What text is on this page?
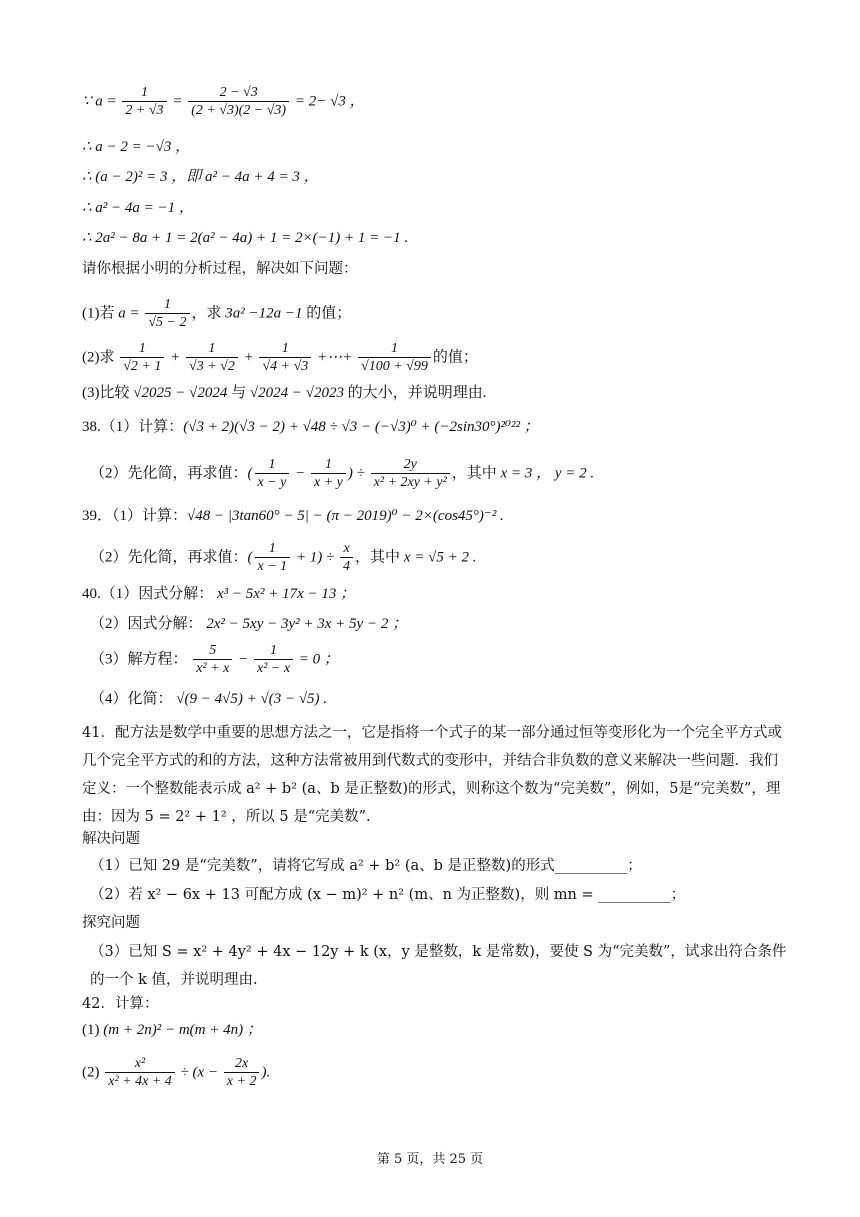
∵ $a = \frac{1}{2 + √3} = \frac{2 - √3}{(2 + √3)(2 - √3)} = 2- √3$ ，
∴ a − 2 = −√3 ，
∴ (a − 2)² = 3 ，即 a² − 4a + 4 = 3 ，
∴ a² − 4a = −1 ，
∴ 2a² − 8a + 1 = 2(a² − 4a) + 1 = 2×(−1) + 1 = −1 .
请你根据小明的分析过程，解决如下问题：
(1)若 $a = \frac{1}{√5 - 2}$ ，求 3a² −12a −1 的值；
(2)求 $\frac{1}{√2 + 1} + \frac{1}{√3 + √2} + \frac{1}{√4 + √3}$ +⋯+ $\frac{1}{√100 + √99}$ 的值；
(3)比较 √2025 − √2024 与 √2024 − √2023 的大小，并说明理由.
38.（1）计算：(√3 + 2)(√3 − 2) + √48 ÷ √3 − (−√3)⁰ + (−2sin30°)²⁰²² ；
（2）先化简，再求值：( $\frac{1}{x - y} - \frac{1}{x + y}$ ) ÷ $\frac{2y}{\text{x² + 2xy + y²}}$ ，其中 x = 3 ， y = 2 .
39．（1）计算：√48 − |3tan60° − 5| − (π − 2019)⁰ − 2×(cos45°)⁻² .
（2）先化简，再求值：( $\frac{1}{x - 1} + 1) \div \frac{x}{4}$ ，其中 x = √5 + 2 .
40.（1）因式分解： x³ − 5x² + 17x − 13 ；
（2）因式分解： 2x² − 5xy − 3y² + 3x + 5y − 2 ；
（3）解方程： $\frac{5}{\text{x² + x}} - \frac{1}{\text{x² − x}} = 0$ ；
（4）化简： √(9 − 4√5) + √(3 − √5) .
41．配方法是数学中重要的思想方法之一，它是指将一个式子的某一部分通过恒等变形化为一个完全平方式或几个完全平方式的和的方法，这种方法常被用到代数式的变形中，并结合非负数的意义来解决一些问题．我们定义：一个整数能表示成 a² + b² (a、b 是正整数)的形式，则称这个数为“完美数”，例如，5是“完美数”，理由：因为 5 = 2² + 1² ，所以 5 是“完美数”.
解决问题
（1）已知 29 是“完美数”，请将它写成 a² + b² (a、b 是正整数)的形式__________；
（2）若 x² − 6x + 13 可配方成 (x − m)² + n² (m、n 为正整数)，则 mn = __________；
探究问题
（3）已知 S = x² + 4y² + 4x − 12y + k (x，y 是整数，k 是常数)，要使 S 为“完美数”，试求出符合条件的一个 k 值，并说明理由.
42．计算：
(1) (m + 2n)² − m(m + 4n) ；
$(2) \frac{\text{x²}}{\text{x² + 4x + 4}} \div (x - \frac{2x}{x + 2}$ ).
第 5 页，共 25 页
